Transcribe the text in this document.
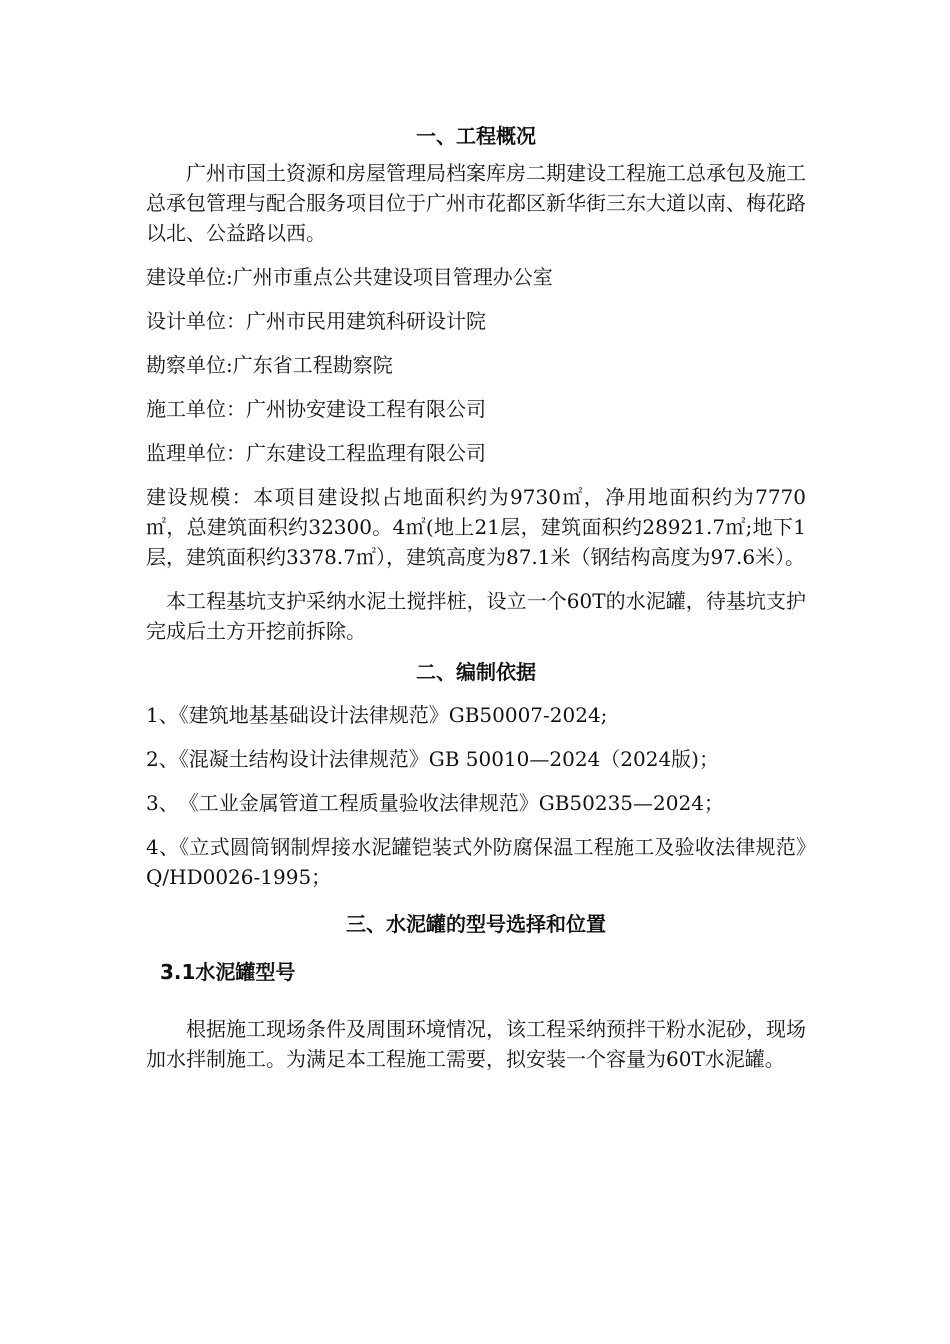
一、工程概况

广州市国土资源和房屋管理局档案库房二期建设工程施工总承包及施工总承包管理与配合服务项目位于广州市花都区新华街三东大道以南、梅花路以北、公益路以西。

建设单位:广州市重点公共建设项目管理办公室

设计单位：广州市民用建筑科研设计院

勘察单位:广东省工程勘察院

施工单位：广州协安建设工程有限公司

监理单位：广东建设工程监理有限公司

建设规模：本项目建设拟占地面积约为9730㎡，净用地面积约为7770㎡，总建筑面积约32300。4㎡(地上21层，建筑面积约28921.7㎡;地下1层，建筑面积约3378.7㎡），建筑高度为87.1米（钢结构高度为97.6米）。

本工程基坑支护采纳水泥土搅拌桩，设立一个60T的水泥罐，待基坑支护完成后土方开挖前拆除。

二、编制依据

1、《建筑地基基础设计法律规范》GB50007-2024;

2、《混凝土结构设计法律规范》GB 50010—2024（2024版)；

3、　《工业金属管道工程质量验收法律规范》GB50235—2024；

4、《立式圆筒钢制焊接水泥罐铠装式外防腐保温工程施工及验收法律规范》Q/HD0026-1995；

三、水泥罐的型号选择和位置
3.1水泥罐型号

根据施工现场条件及周围环境情况，该工程采纳预拌干粉水泥砂，现场加水拌制施工。为满足本工程施工需要，拟安装一个容量为60T水泥罐。
